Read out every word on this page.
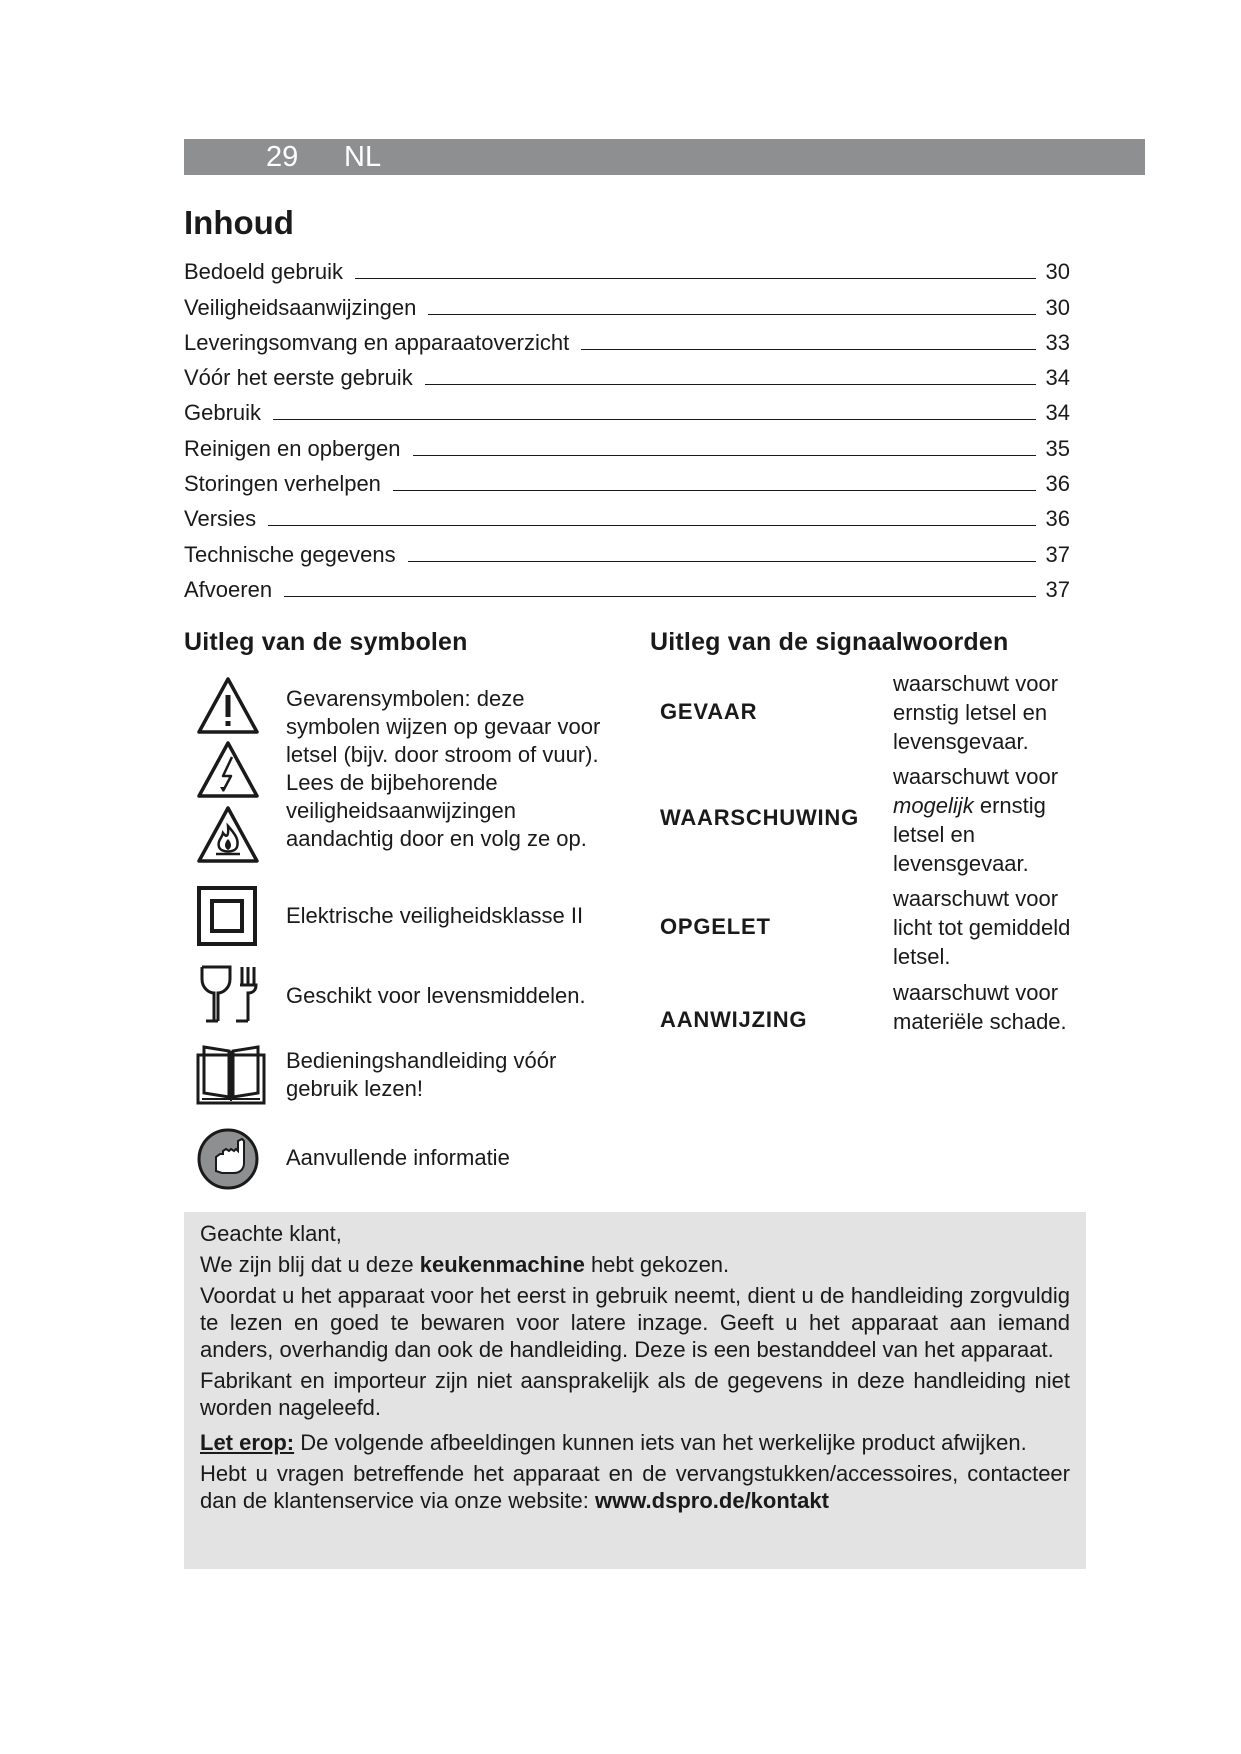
29 NL
Inhoud
Bedoeld gebruik	30
Veiligheidsaanwijzingen	30
Leveringsomvang en apparaatoverzicht	33
Vóór het eerste gebruik	34
Gebruik	34
Reinigen en opbergen	35
Storingen verhelpen	36
Versies	36
Technische gegevens	37
Afvoeren	37
Uitleg van de symbolen	Uitleg van de signaalwoorden
Gevarensymbolen: deze symbolen wijzen op gevaar voor letsel (bijv. door stroom of vuur). Lees de bijbehorende veiligheidsaanwijzingen aandachtig door en volg ze op.
Elektrische veiligheidsklasse II
Geschikt voor levensmiddelen.
Bedieningshandleiding vóór gebruik lezen!
Aanvullende informatie
GEVAAR
waarschuwt voor ernstig letsel en levensgevaar.
WAARSCHUWING
waarschuwt voor mogelijk ernstig letsel en levensgevaar.
OPGELET
waarschuwt voor licht tot gemiddeld letsel.
AANWIJZING
waarschuwt voor materiële schade.

Geachte klant,

We zijn blij dat u deze keukenmachine hebt gekozen.

Voordat u het apparaat voor het eerst in gebruik neemt, dient u de handleiding zorgvuldig te lezen en goed te bewaren voor latere inzage. Geeft u het apparaat aan iemand anders, overhandig dan ook de handleiding. Deze is een bestanddeel van het apparaat.

Fabrikant en importeur zijn niet aansprakelijk als de gegevens in deze handleiding niet worden nageleefd.

Let erop: De volgende afbeeldingen kunnen iets van het werkelijke product afwijken.

Hebt u vragen betreffende het apparaat en de vervangstukken/accessoires, contacteer dan de klantenservice via onze website: www.dspro.de/kontakt
